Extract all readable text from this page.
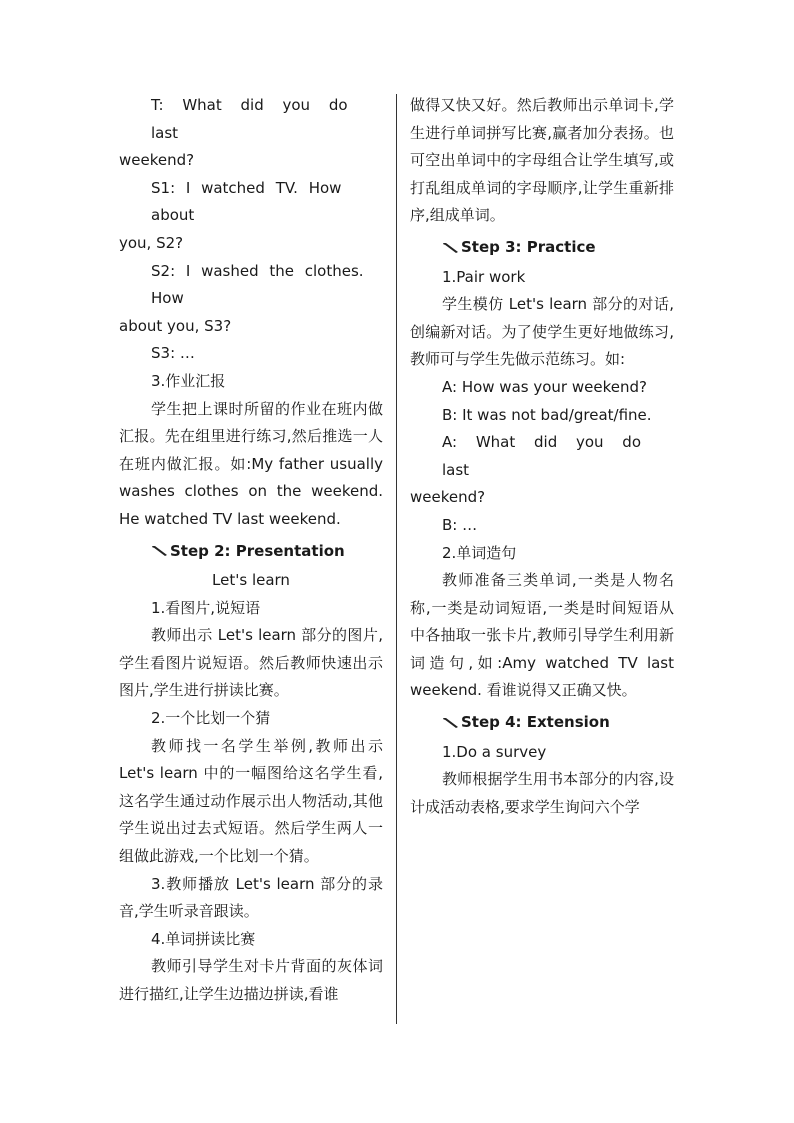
T: What did you do last

weekend?

S1: I watched TV. How about

you, S2?

S2: I washed the clothes. How

about you, S3?

S3: …

3.作业汇报

学生把上课时所留的作业在班内做汇报。先在组里进行练习,然后推选一人在班内做汇报。如:My father usually washes clothes on the weekend. He watched TV last weekend.

Step 2: Presentation

Let's learn

1.看图片,说短语

教师出示 Let's learn 部分的图片,学生看图片说短语。然后教师快速出示图片,学生进行拼读比赛。

2.一个比划一个猜

教师找一名学生举例,教师出示Let's learn 中的一幅图给这名学生看,这名学生通过动作展示出人物活动,其他学生说出过去式短语。然后学生两人一组做此游戏,一个比划一个猜。

3.教师播放 Let's learn 部分的录音,学生听录音跟读。

4.单词拼读比赛

教师引导学生对卡片背面的灰体词进行描红,让学生边描边拼读,看谁

做得又快又好。然后教师出示单词卡,学生进行单词拼写比赛,赢者加分表扬。也可空出单词中的字母组合让学生填写,或打乱组成单词的字母顺序,让学生重新排序,组成单词。

Step 3: Practice

1.Pair work

学生模仿 Let's learn 部分的对话,创编新对话。为了使学生更好地做练习,教师可与学生先做示范练习。如:

A: How was your weekend?

B: It was not bad/great/fine.

A: What did you do last

weekend?

B: …

2.单词造句

教师准备三类单词,一类是人物名称,一类是动词短语,一类是时间短语从中各抽取一张卡片,教师引导学生利用新词造句,如:Amy watched TV last weekend. 看谁说得又正确又快。

Step 4: Extension

1.Do a survey

教师根据学生用书本部分的内容,设计成活动表格,要求学生询问六个学
